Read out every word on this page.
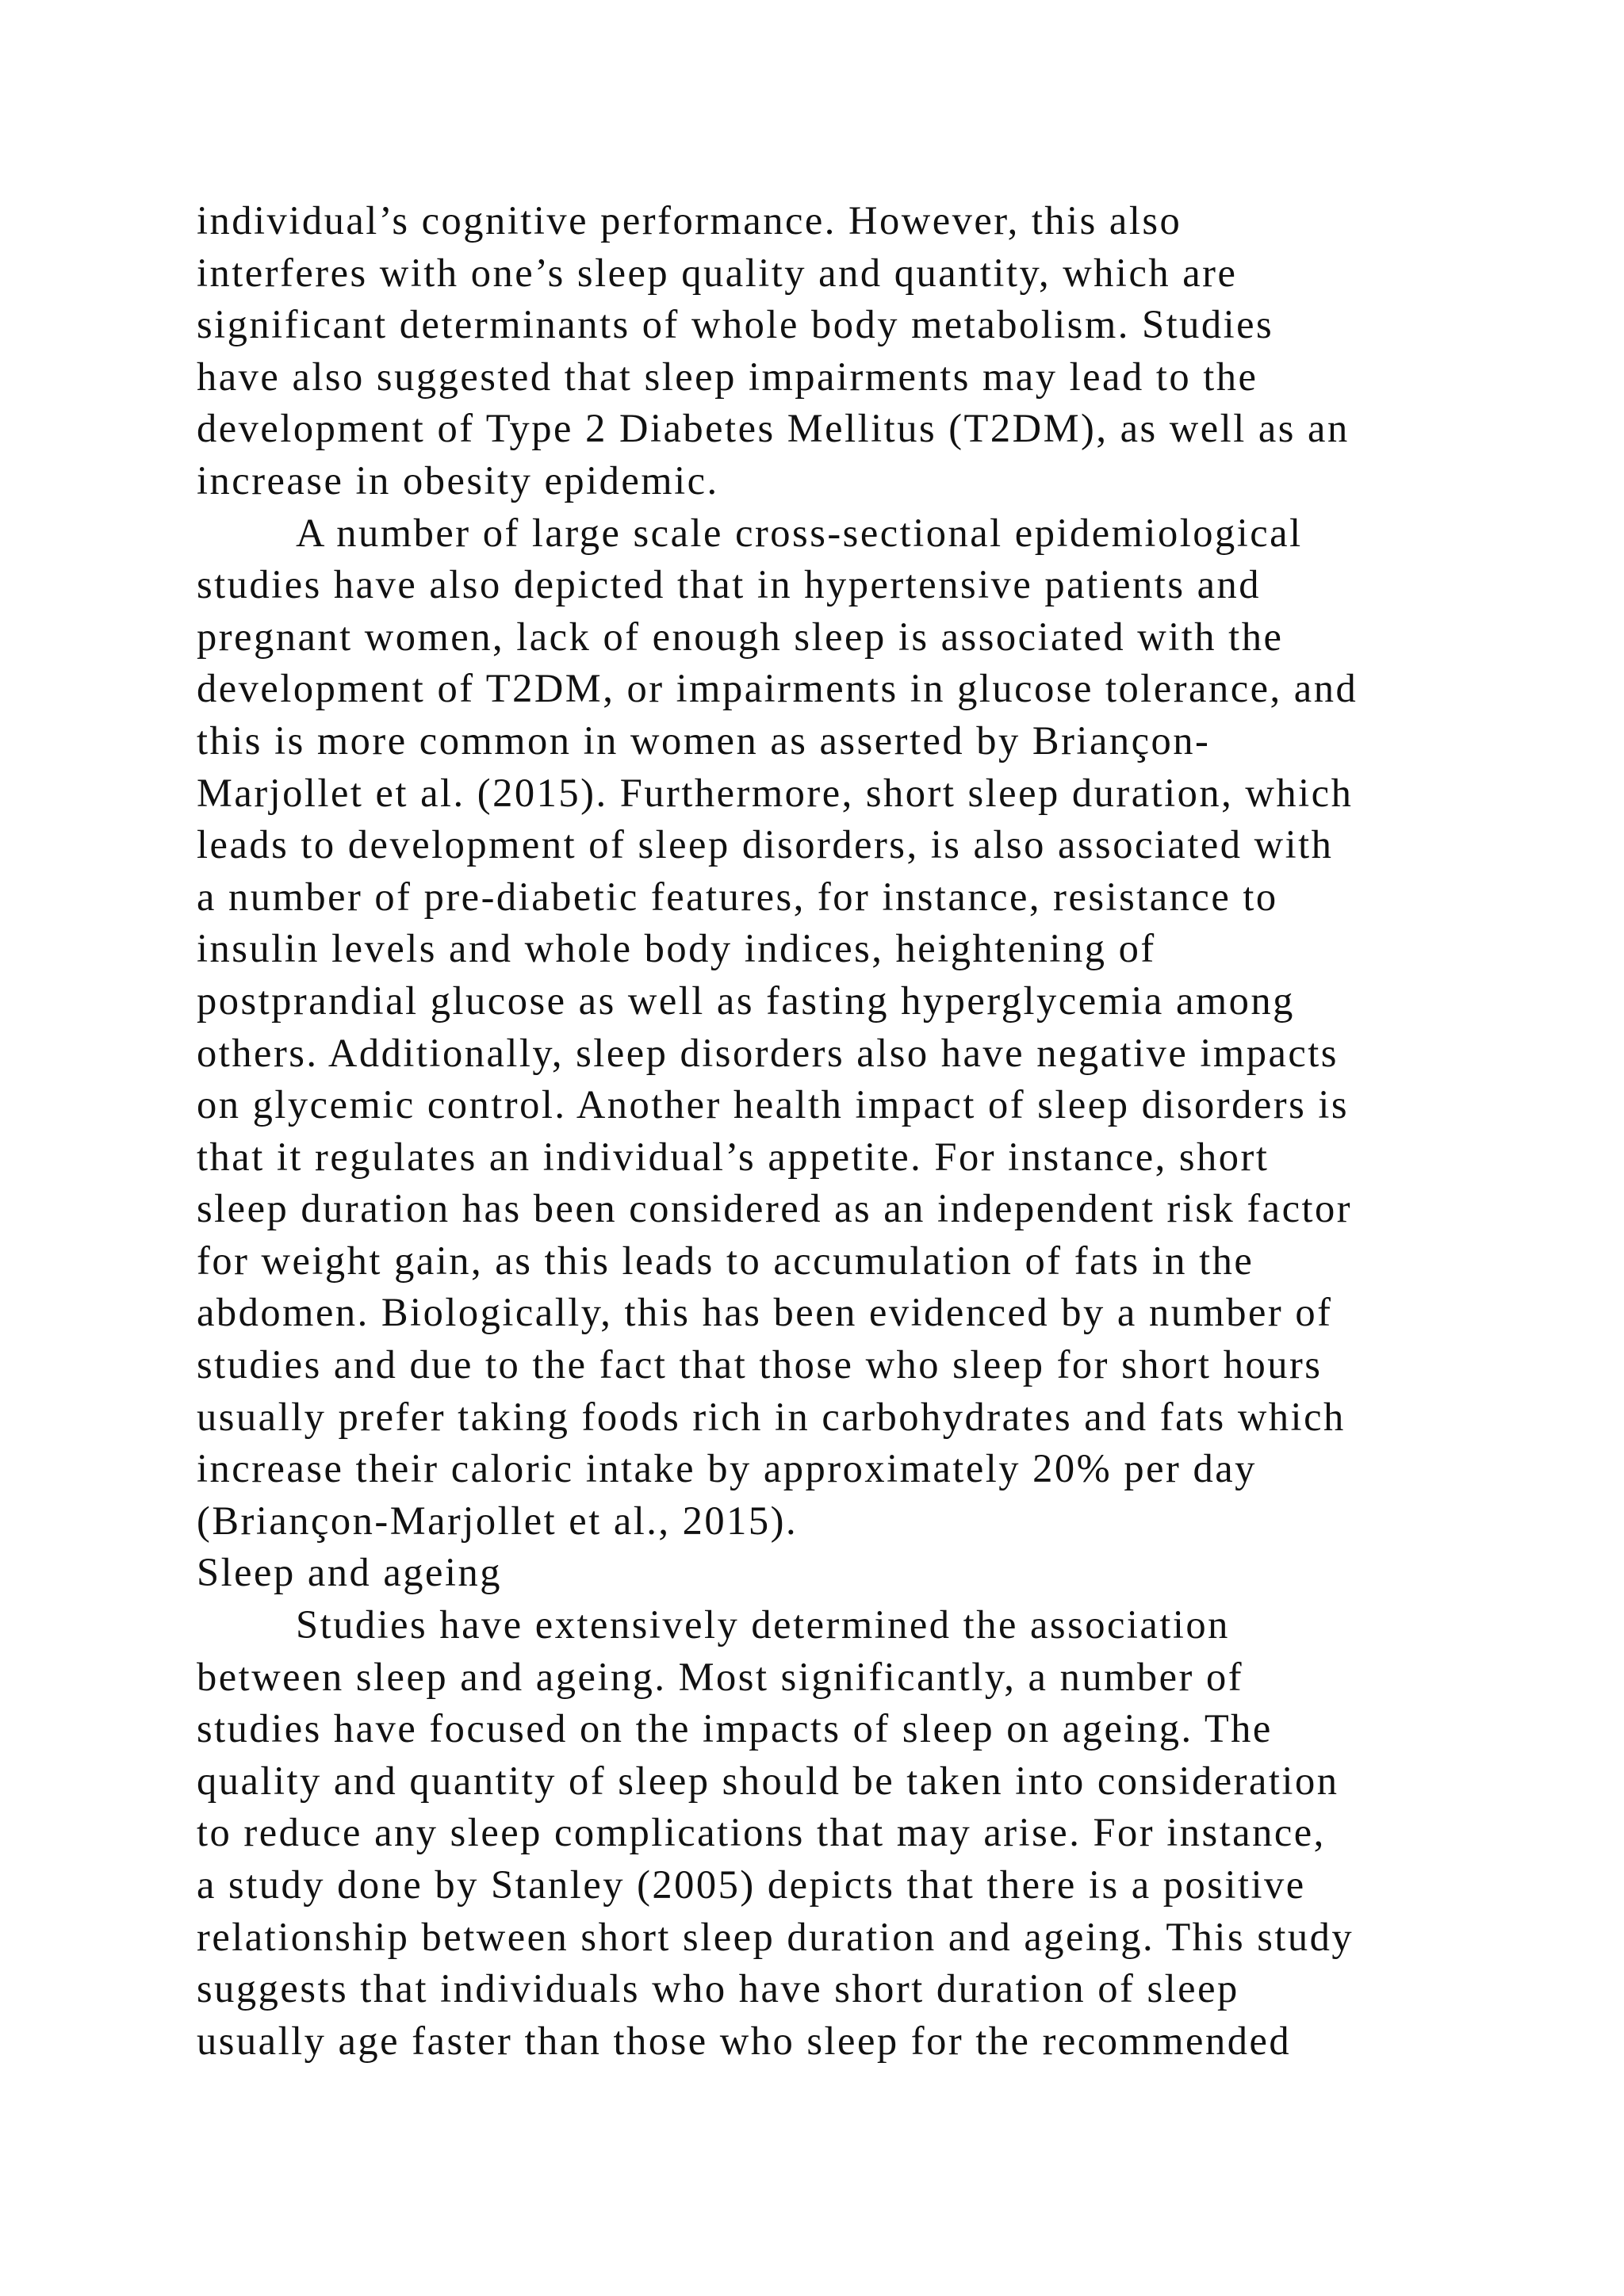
individual’s cognitive performance. However, this also
interferes with one’s sleep quality and quantity, which are
significant determinants of whole body metabolism. Studies
have also suggested that sleep impairments may lead to the
development of Type 2 Diabetes Mellitus (T2DM), as well as an
increase in obesity epidemic.
A number of large scale cross-sectional epidemiological
studies have also depicted that in hypertensive patients and
pregnant women, lack of enough sleep is associated with the
development of T2DM, or impairments in glucose tolerance, and
this is more common in women as asserted by Briançon-
Marjollet et al. (2015). Furthermore, short sleep duration, which
leads to development of sleep disorders, is also associated with
a number of pre-diabetic features, for instance, resistance to
insulin levels and whole body indices, heightening of
postprandial glucose as well as fasting hyperglycemia among
others. Additionally, sleep disorders also have negative impacts
on glycemic control. Another health impact of sleep disorders is
that it regulates an individual’s appetite. For instance, short
sleep duration has been considered as an independent risk factor
for weight gain, as this leads to accumulation of fats in the
abdomen. Biologically, this has been evidenced by a number of
studies and due to the fact that those who sleep for short hours
usually prefer taking foods rich in carbohydrates and fats which
increase their caloric intake by approximately 20% per day
(Briançon-Marjollet et al., 2015).
Sleep and ageing
Studies have extensively determined the association
between sleep and ageing. Most significantly, a number of
studies have focused on the impacts of sleep on ageing. The
quality and quantity of sleep should be taken into consideration
to reduce any sleep complications that may arise. For instance,
a study done by Stanley (2005) depicts that there is a positive
relationship between short sleep duration and ageing. This study
suggests that individuals who have short duration of sleep
usually age faster than those who sleep for the recommended
